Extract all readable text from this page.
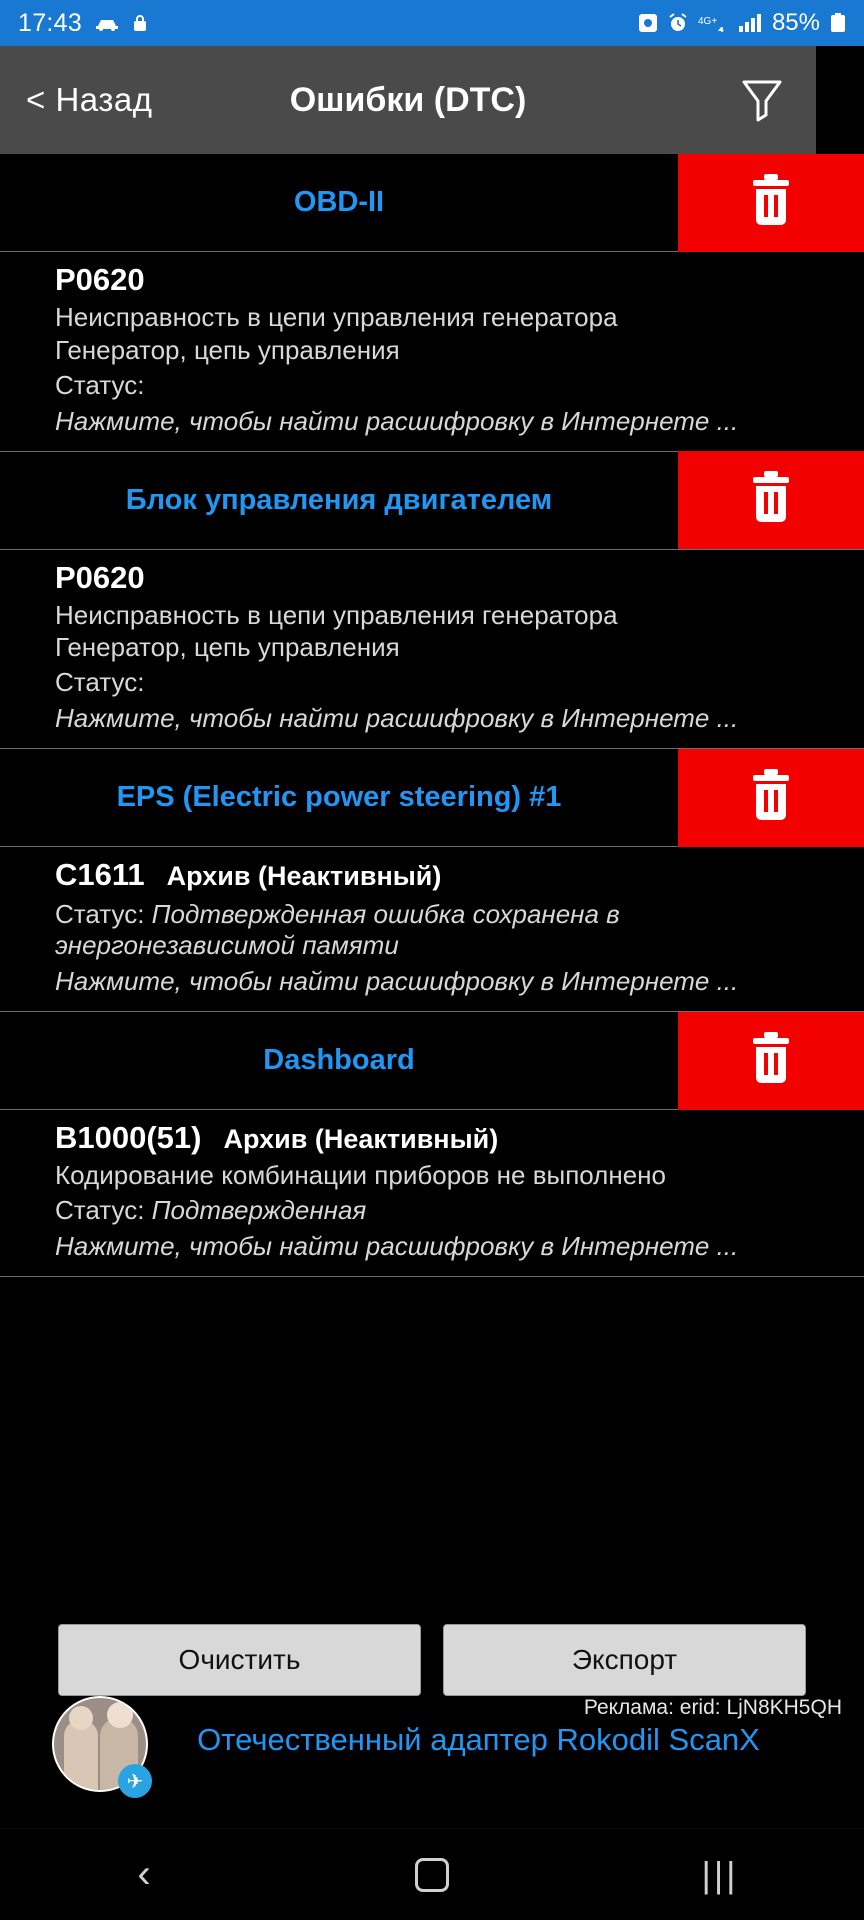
17:43	4G+ 85%
< Назад	Ошибки (DTC)
OBD-II
P0620
Неисправность в цепи управления генератора
Генератор, цепь управления
Статус:
Нажмите, чтобы найти расшифровку в Интернете ...
Блок управления двигателем
P0620
Неисправность в цепи управления генератора
Генератор, цепь управления
Статус:
Нажмите, чтобы найти расшифровку в Интернете ...
EPS (Electric power steering) #1
C1611 Архив (Неактивный)
Статус: Подтвержденная ошибка сохранена в энергонезависимой памяти
Нажмите, чтобы найти расшифровку в Интернете ...
Dashboard
B1000(51) Архив (Неактивный)
Кодирование комбинации приборов не выполнено
Статус: Подтвержденная
Нажмите, чтобы найти расшифровку в Интернете ...
Очистить	Экспорт
Реклама: erid: LjN8KH5QH
Отечественный адаптер Rokodil ScanX
✈
‹	|||
